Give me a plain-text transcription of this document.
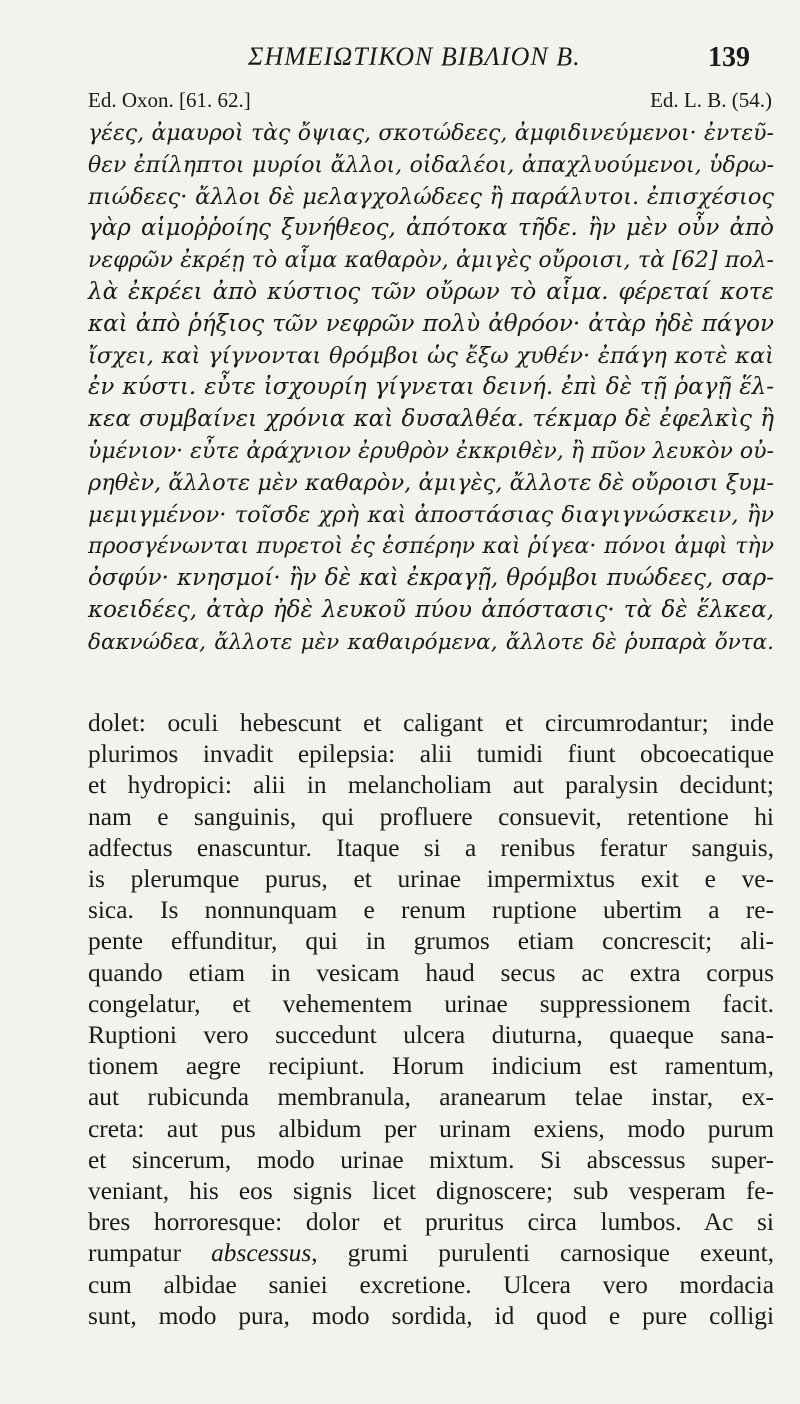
ΣΗΜΕΙΩΤΙΚΟΝ ΒΙΒΛΙΟΝ Β.	139
Ed. Oxon. [61. 62.]	Ed. L. B. (54.)
γέες, ἀμαυροὶ τὰς ὄψιας, σκοτώδεες, ἀμφιδινεύμενοι· ἐντεῦ-
θεν ἐπίληπτοι μυρίοι ἄλλοι, οἰδαλέοι, ἀπαχλυούμενοι, ὑδρω-
πιώδεες· ἄλλοι δὲ μελαγχολώδεες ἢ παράλυτοι. ἐπισχέσιος
γὰρ αἱμοῤῥοίης ξυνήθεος, ἀπότοκα τῆδε. ἢν μὲν οὖν ἀπὸ
νεφρῶν ἐκρέῃ τὸ αἷμα καθαρὸν, ἀμιγὲς οὔροισι, τὰ [62] πολ-
λὰ ἐκρέει ἀπὸ κύστιος τῶν οὔρων τὸ αἷμα. φέρεταί κοτε
καὶ ἀπὸ ῥήξιος τῶν νεφρῶν πολὺ ἀθρόον· ἀτὰρ ἠδὲ πάγον
ἴσχει, καὶ γίγνονται θρόμβοι ὡς ἔξω χυθέν· ἐπάγη κοτὲ καὶ
ἐν κύστι. εὖτε ἰσχουρίη γίγνεται δεινή. ἐπὶ δὲ τῇ ῥαγῇ ἕλ-
κεα συμβαίνει χρόνια καὶ δυσαλθέα. τέκμαρ δὲ ἐφελκὶς ἢ
ὑμένιον· εὖτε ἀράχνιον ἐρυθρὸν ἐκκριθὲν, ἢ πῦον λευκὸν οὐ-
ρηθὲν, ἄλλοτε μὲν καθαρὸν, ἀμιγὲς, ἄλλοτε δὲ οὔροισι ξυμ-
μεμιγμένον· τοῖσδε χρὴ καὶ ἀποστάσιας διαγιγνώσκειν, ἢν
προσγένωνται πυρετοὶ ἐς ἑσπέρην καὶ ῥίγεα· πόνοι ἀμφὶ τὴν
ὀσφύν· κνησμοί· ἢν δὲ καὶ ἐκραγῇ, θρόμβοι πυώδεες, σαρ-
κοειδέες, ἀτὰρ ἠδὲ λευκοῦ πύου ἀπόστασις· τὰ δὲ ἕλκεα,
δακνώδεα, ἄλλοτε μὲν καθαιρόμενα, ἄλλοτε δὲ ῥυπαρὰ ὄντα.
dolet: oculi hebescunt et caligant et circumrodantur; inde
plurimos invadit epilepsia: alii tumidi fiunt obcoecatique
et hydropici: alii in melancholiam aut paralysin decidunt;
nam e sanguinis, qui profluere consuevit, retentione hi
adfectus enascuntur. Itaque si a renibus feratur sanguis,
is plerumque purus, et urinae impermixtus exit e ve-
sica. Is nonnunquam e renum ruptione ubertim a re-
pente effunditur, qui in grumos etiam concrescit; ali-
quando etiam in vesicam haud secus ac extra corpus
congelatur, et vehementem urinae suppressionem facit.
Ruptioni vero succedunt ulcera diuturna, quaeque sana-
tionem aegre recipiunt. Horum indicium est ramentum,
aut rubicunda membranula, aranearum telae instar, ex-
creta: aut pus albidum per urinam exiens, modo purum
et sincerum, modo urinae mixtum. Si abscessus super-
veniant, his eos signis licet dignoscere; sub vesperam fe-
bres horroresque: dolor et pruritus circa lumbos. Ac si
rumpatur abscessus, grumi purulenti carnosique exeunt,
cum albidae saniei excretione. Ulcera vero mordacia
sunt, modo pura, modo sordida, id quod e pure colligi
